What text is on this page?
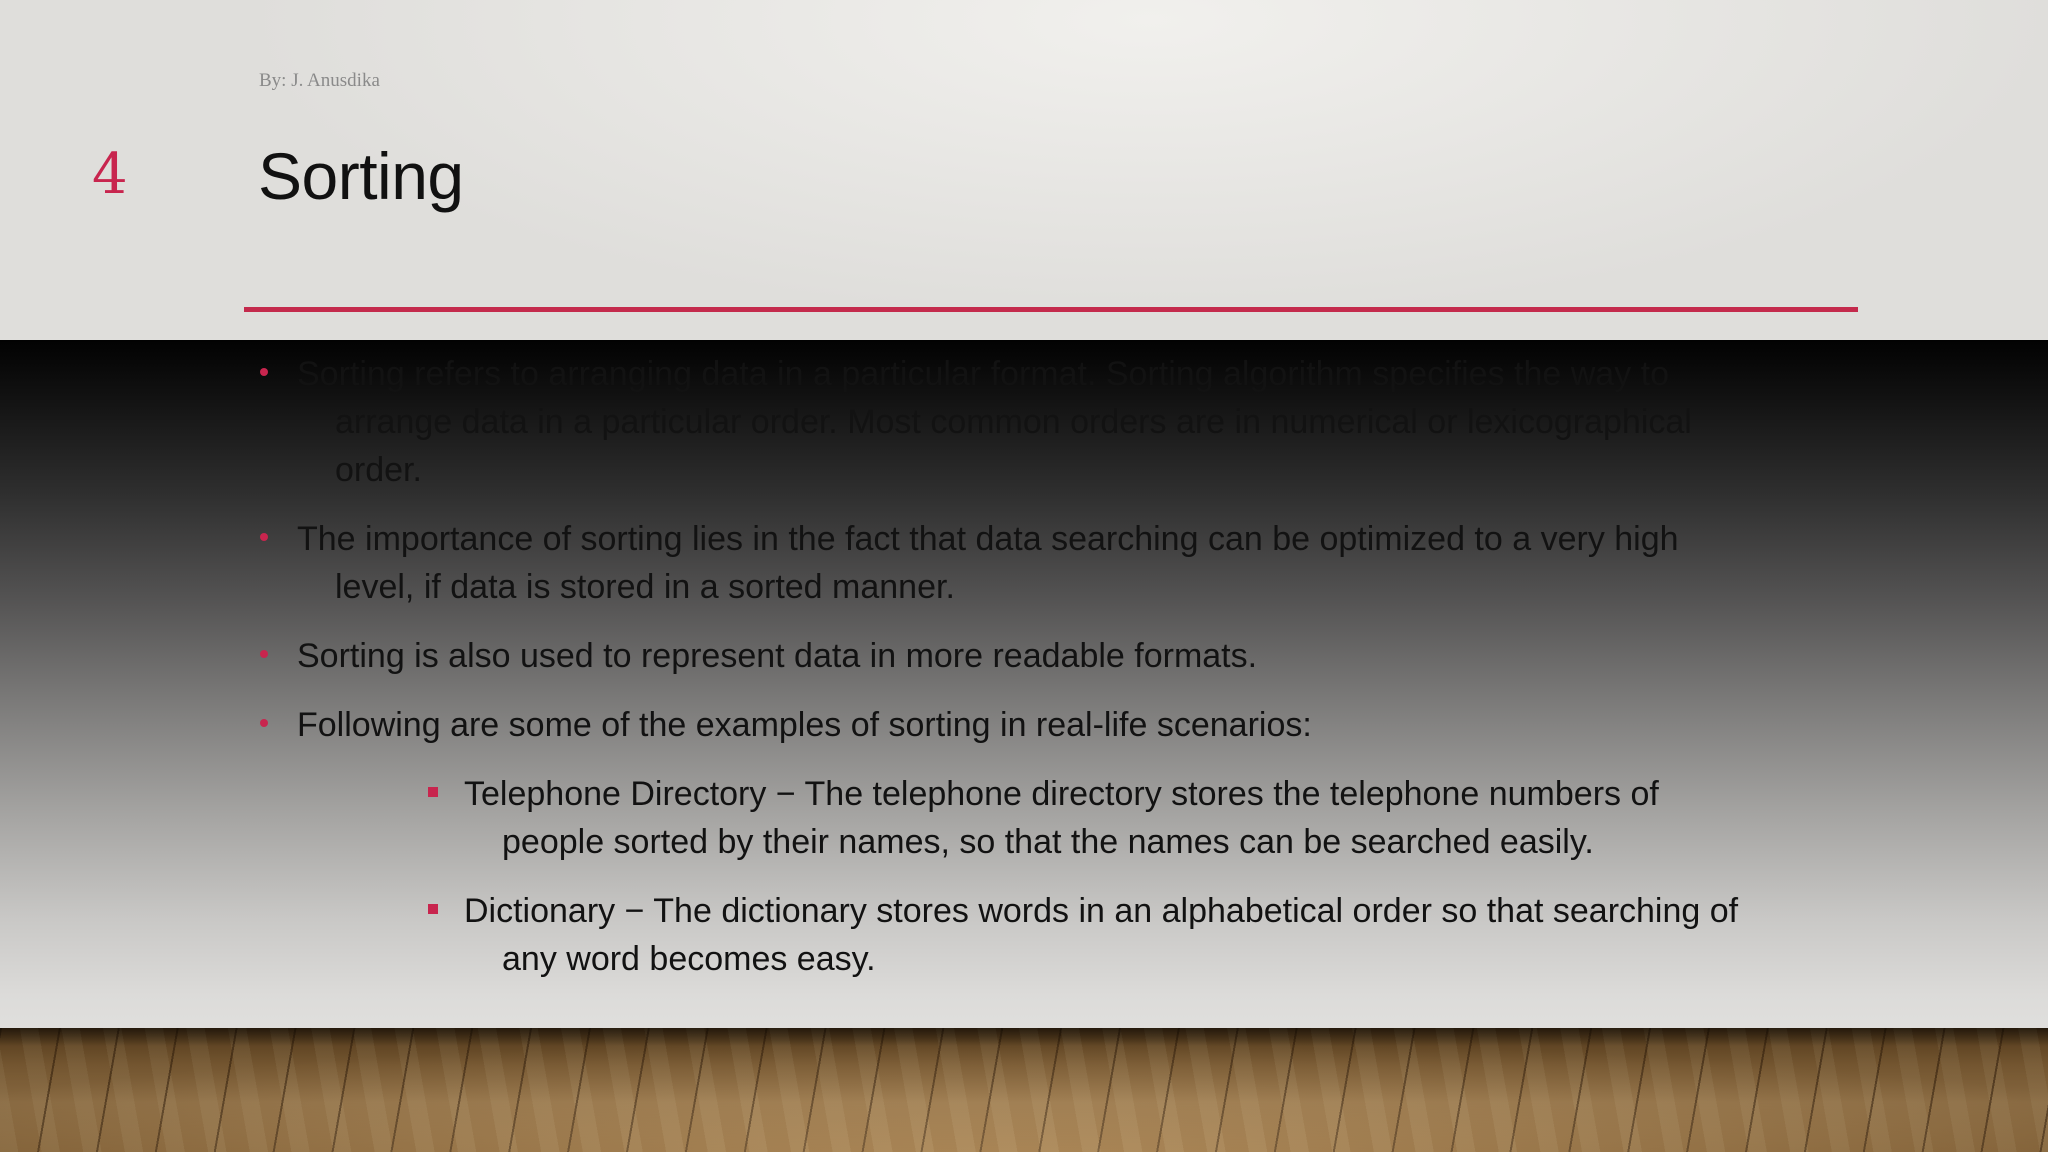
By: J. Anusdika
4 Sorting
Sorting refers to arranging data in a particular format. Sorting algorithm specifies the way to
arrange data in a particular order. Most common orders are in numerical or lexicographical
order.
The importance of sorting lies in the fact that data searching can be optimized to a very high
level, if data is stored in a sorted manner.
Sorting is also used to represent data in more readable formats.
Following are some of the examples of sorting in real-life scenarios:
Telephone Directory − The telephone directory stores the telephone numbers of
people sorted by their names, so that the names can be searched easily.
Dictionary − The dictionary stores words in an alphabetical order so that searching of
any word becomes easy.
